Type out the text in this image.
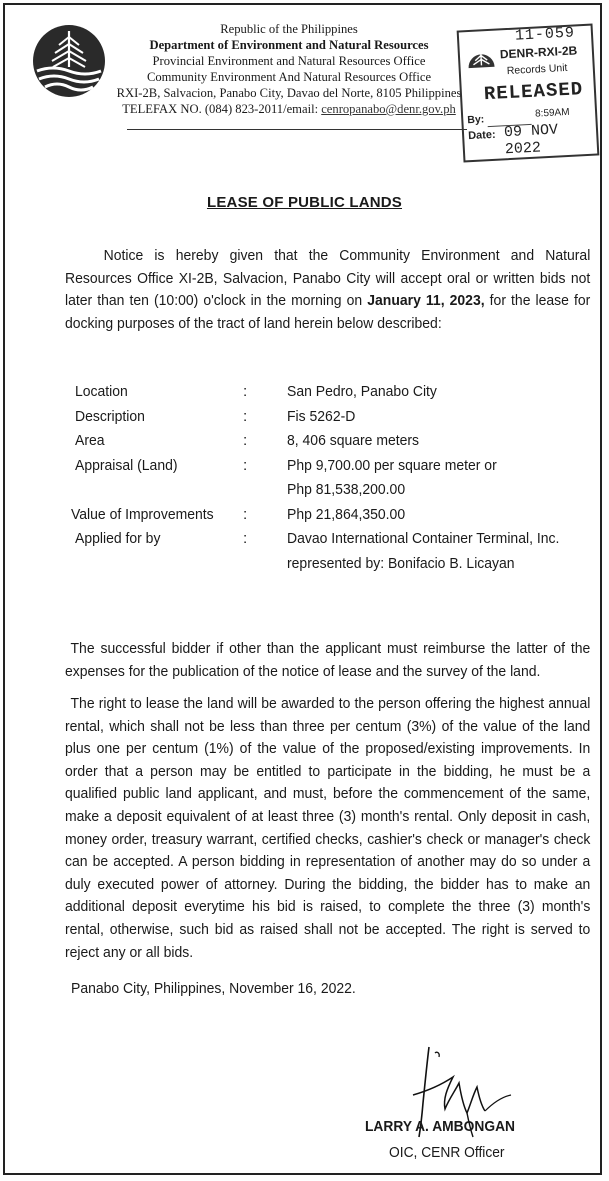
Republic of the Philippines
Department of Environment and Natural Resources
Provincial Environment and Natural Resources Office
Community Environment And Natural Resources Office
RXI-2B, Salvacion, Panabo City, Davao del Norte, 8105 Philippines
TELEFAX NO. (084) 823-2011/email: cenropanabo@denr.gov.ph
11-059
DENR-RXI-2B
Records Unit
RELEASED
By:
8:59AM
Date: 09 NOV 2022
LEASE OF PUBLIC LANDS

Notice is hereby given that the Community Environment and Natural Resources Office XI-2B, Salvacion, Panabo City will accept oral or written bids not later than ten (10:00) o'clock in the morning on January 11, 2023, for the lease for docking purposes of the tract of land herein below described:

Location	:	San Pedro, Panabo City
Description	:	Fis 5262-D
Area	:	8, 406 square meters
Appraisal (Land)	:	Php 9,700.00 per square meter or
Php 81,538,200.00
Value of Improvements :	Php 21,864,350.00
Applied for by	:	Davao International Container Terminal, Inc.
represented by: Bonifacio B. Licayan

The successful bidder if other than the applicant must reimburse the latter of the expenses for the publication of the notice of lease and the survey of the land.

The right to lease the land will be awarded to the person offering the highest annual rental, which shall not be less than three per centum (3%) of the value of the land plus one per centum (1%) of the value of the proposed/existing improvements. In order that a person may be entitled to participate in the bidding, he must be a qualified public land applicant, and must, before the commencement of the same, make a deposit equivalent of at least three (3) month's rental. Only deposit in cash, money order, treasury warrant, certified checks, cashier's check or manager's check can be accepted. A person bidding in representation of another may do so under a duly executed power of attorney. During the bidding, the bidder has to make an additional deposit everytime his bid is raised, to complete the three (3) month's rental, otherwise, such bid as raised shall not be accepted. The right is served to reject any or all bids.

Panabo City, Philippines, November 16, 2022.
LARRY A. AMBONGAN
OIC, CENR Officer
